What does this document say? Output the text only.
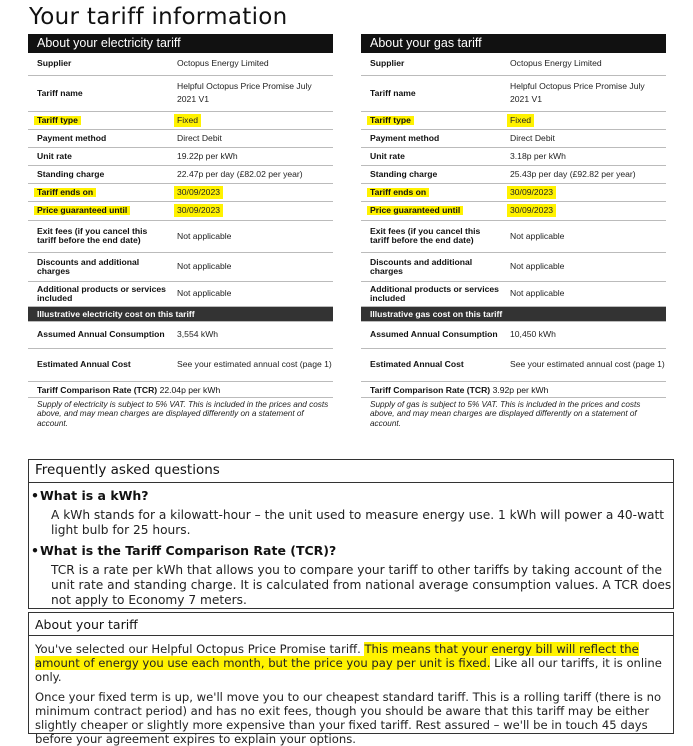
Your tariff information
About your electricity tariff
Supplier	Octopus Energy Limited
Tariff name	Helpful Octopus Price Promise July 2021 V1
Tariff type	Fixed
Payment method	Direct Debit
Unit rate	19.22p per kWh
Standing charge	22.47p per day (£82.02 per year)
Tariff ends on	30/09/2023
Price guaranteed until	30/09/2023
Exit fees (if you cancel this tariff before the end date)	Not applicable
Discounts and additional charges	Not applicable
Additional products or services included	Not applicable
Illustrative electricity cost on this tariff	
Assumed Annual Consumption	3,554 kWh
Estimated Annual Cost	See your estimated annual cost (page 1)
Tariff Comparison Rate (TCR) 22.04p per kWh
Supply of electricity is subject to 5% VAT. This is included in the prices and costs above, and may mean charges are displayed differently on a statement of account.
About your gas tariff
Supplier	Octopus Energy Limited
Tariff name	Helpful Octopus Price Promise July 2021 V1
Tariff type	Fixed
Payment method	Direct Debit
Unit rate	3.18p per kWh
Standing charge	25.43p per day (£92.82 per year)
Tariff ends on	30/09/2023
Price guaranteed until	30/09/2023
Exit fees (if you cancel this tariff before the end date)	Not applicable
Discounts and additional charges	Not applicable
Additional products or services included	Not applicable
Illustrative gas cost on this tariff	
Assumed Annual Consumption	10,450 kWh
Estimated Annual Cost	See your estimated annual cost (page 1)
Tariff Comparison Rate (TCR) 3.92p per kWh
Supply of gas is subject to 5% VAT. This is included in the prices and costs above, and may mean charges are displayed differently on a statement of account.
Frequently asked questions
•What is a kWh?
A kWh stands for a kilowatt-hour – the unit used to measure energy use. 1 kWh will power a 40-watt light bulb for 25 hours.
•What is the Tariff Comparison Rate (TCR)?
TCR is a rate per kWh that allows you to compare your tariff to other tariffs by taking account of the unit rate and standing charge. It is calculated from national average consumption values. A TCR does not apply to Economy 7 meters.
About your tariff

You've selected our Helpful Octopus Price Promise tariff. This means that your energy bill will reflect the amount of energy you use each month, but the price you pay per unit is fixed. Like all our tariffs, it is online only.

Once your fixed term is up, we'll move you to our cheapest standard tariff. This is a rolling tariff (there is no minimum contract period) and has no exit fees, though you should be aware that this tariff may be either slightly cheaper or slightly more expensive than your fixed tariff. Rest assured – we'll be in touch 45 days before your agreement expires to explain your options.
